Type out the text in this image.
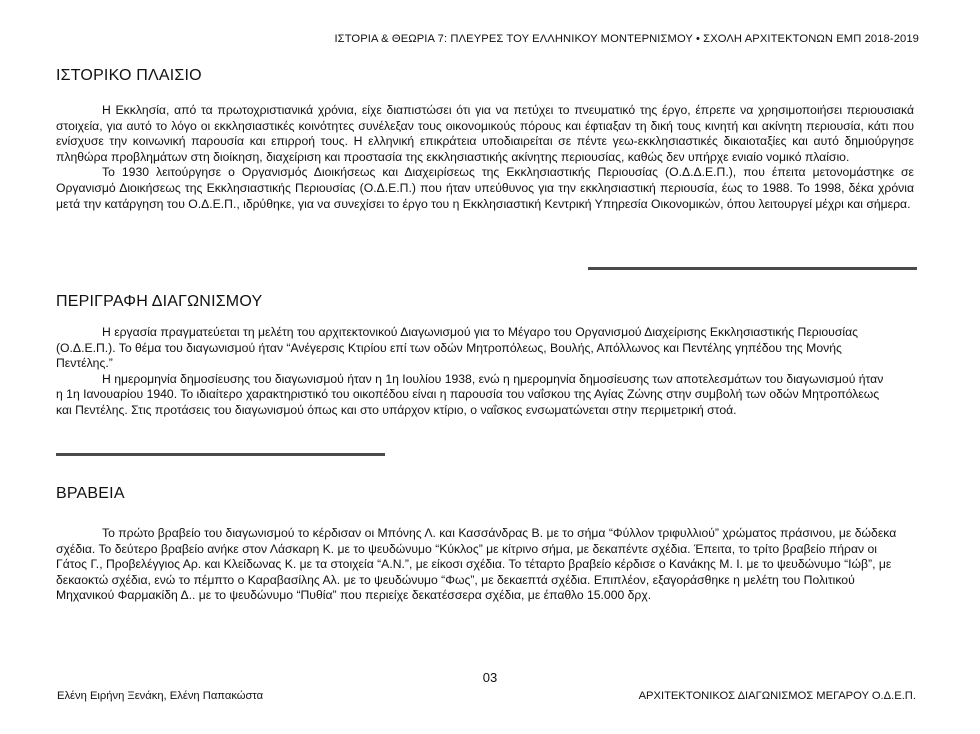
ΙΣΤΟΡΙΑ & ΘΕΩΡΙΑ 7: ΠΛΕΥΡΕΣ ΤΟΥ ΕΛΛΗΝΙΚΟΥ ΜΟΝΤΕΡΝΙΣΜΟΥ • ΣΧΟΛΗ ΑΡΧΙΤΕΚΤΟΝΩΝ ΕΜΠ 2018-2019
ΙΣΤΟΡΙΚΟ ΠΛΑΙΣΙΟ

Η Εκκλησία, από τα πρωτοχριστιανικά χρόνια, είχε διαπιστώσει ότι για να πετύχει το πνευματικό της έργο, έπρεπε να χρησιμοποιήσει περιουσιακά στοιχεία, για αυτό το λόγο οι εκκλησιαστικές κοινότητες συνέλεξαν τους οικονομικούς πόρους και έφτιαξαν τη δική τους κινητή και ακίνητη περιουσία, κάτι που ενίσχυσε την κοινωνική παρουσία και επιρροή τους. Η ελληνική επικράτεια υποδιαιρείται σε πέντε γεω-εκκλησιαστικές δικαιοταξίες και αυτό δημιούργησε πληθώρα προβλημάτων στη διοίκηση, διαχείριση και προστασία της εκκλησιαστικής ακίνητης περιουσίας, καθώς δεν υπήρχε ενιαίο νομικό πλαίσιο.

Το 1930 λειτούργησε ο Οργανισμός Διοικήσεως και Διαχειρίσεως της Εκκλησιαστικής Περιουσίας (Ο.Δ.Δ.Ε.Π.), που έπειτα μετονομάστηκε σε Οργανισμό Διοικήσεως της Εκκλησιαστικής Περιουσίας (Ο.Δ.Ε.Π.) που ήταν υπεύθυνος για την εκκλησιαστική περιουσία, έως το 1988. Το 1998, δέκα χρόνια μετά την κατάργηση του Ο.Δ.Ε.Π., ιδρύθηκε, για να συνεχίσει το έργο του η Εκκλησιαστική Κεντρική Υπηρεσία Οικονομικών, όπου λειτουργεί μέχρι και σήμερα.

ΠΕΡΙΓΡΑΦΗ ΔΙΑΓΩΝΙΣΜΟΥ

Η εργασία πραγματεύεται τη μελέτη του αρχιτεκτονικού Διαγωνισμού για το Μέγαρο του Οργανισμού Διαχείρισης Εκκλησιαστικής Περιουσίας (Ο.Δ.Ε.Π.). Το θέμα του διαγωνισμού ήταν “Ανέγερσις Κτιρίου επί των οδών Μητροπόλεως, Βουλής, Απόλλωνος και Πεντέλης γηπέδου της Μονής Πεντέλης.”

Η ημερομηνία δημοσίευσης του διαγωνισμού ήταν η 1η Ιουλίου 1938, ενώ η ημερομηνία δημοσίευσης των αποτελεσμάτων του διαγωνισμού ήταν η 1η Ιανουαρίου 1940. Το ιδιαίτερο χαρακτηριστικό του οικοπέδου είναι η παρουσία του ναΐσκου της Αγίας Ζώνης στην συμβολή των οδών Μητροπόλεως και Πεντέλης. Στις προτάσεις του διαγωνισμού όπως και στο υπάρχον κτίριο, ο ναΐσκος ενσωματώνεται στην περιμετρική στοά.

ΒΡΑΒΕΙΑ

Το πρώτο βραβείο του διαγωνισμού το κέρδισαν οι Μπόνης Λ. και Κασσάνδρας Β. με το σήμα “Φύλλον τριφυλλιού” χρώματος πράσινου, με δώδεκα σχέδια. Το δεύτερο βραβείο ανήκε στον Λάσκαρη Κ. με το ψευδώνυμο “Κύκλος” με κίτρινο σήμα, με δεκαπέντε σχέδια. Έπειτα, το τρίτο βραβείο πήραν οι Γάτος Γ., Προβελέγγιος Αρ. και Κλείδωνας Κ. με τα στοιχεία “Α.Ν.”, με είκοσι σχέδια. Το τέταρτο βραβείο κέρδισε ο Κανάκης Μ. Ι. με το ψευδώνυμο “Ιώβ”, με δεκαοκτώ σχέδια, ενώ το πέμπτο ο Καραβασίλης Αλ. με το ψευδώνυμο “Φως”, με δεκαεπτά σχέδια. Επιπλέον, εξαγοράσθηκε η μελέτη του Πολιτικού Μηχανικού Φαρμακίδη Δ.. με το ψευδώνυμο “Πυθία” που περιείχε δεκατέσσερα σχέδια, με έπαθλο 15.000 δρχ.

03
Ελένη Ειρήνη Ξενάκη, Ελένη Παπακώστα	ΑΡΧΙΤΕΚΤΟΝΙΚΟΣ ΔΙΑΓΩΝΙΣΜΟΣ ΜΕΓΑΡΟΥ Ο.Δ.Ε.Π.
